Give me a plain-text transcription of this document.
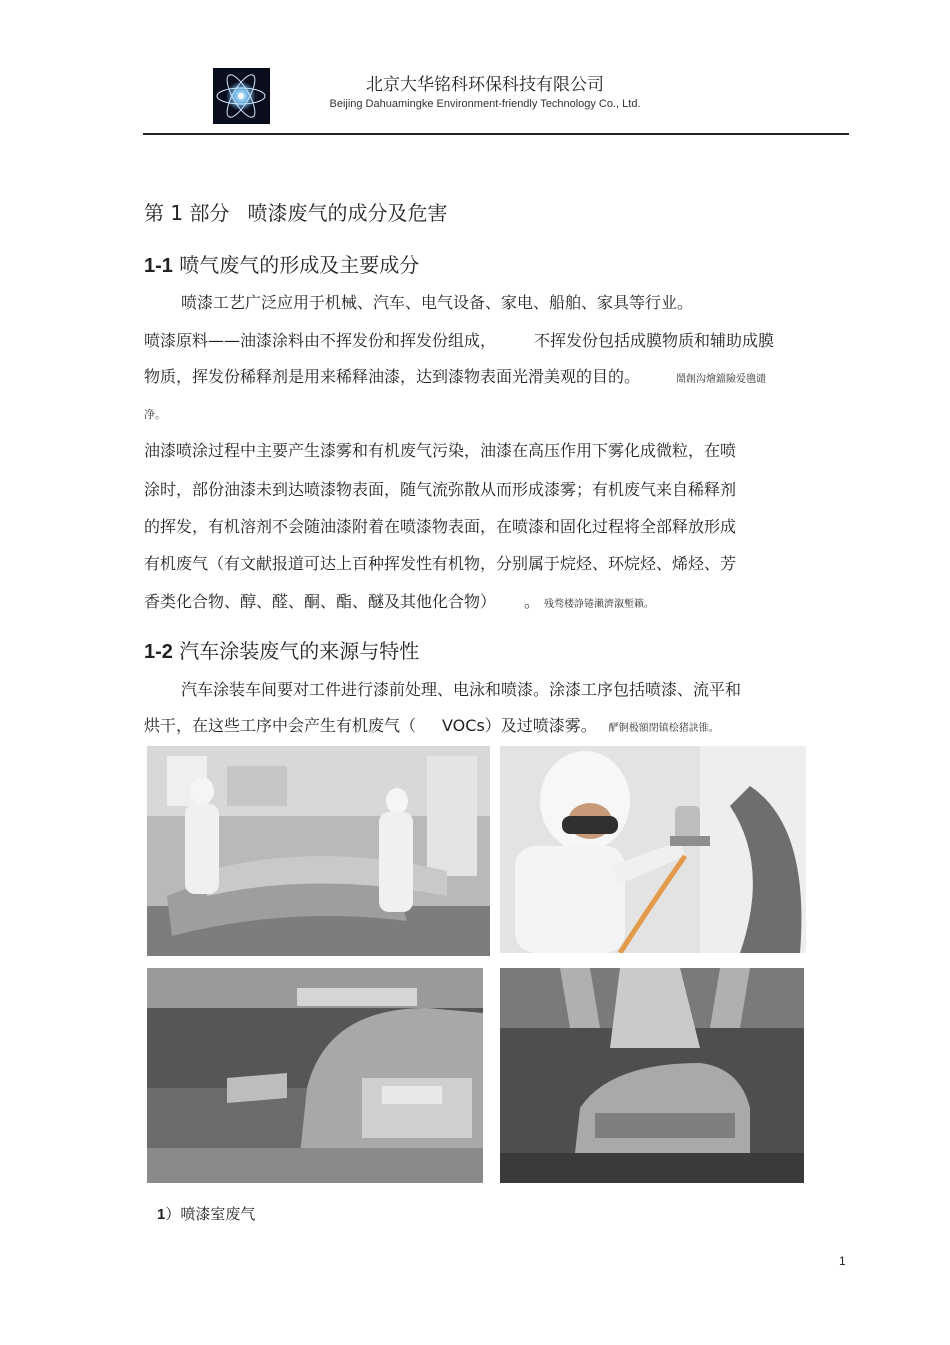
北京大华铭科环保科技有限公司
Beijing Dahuamingke Environment-friendly Technology Co., Ltd.
第 1 部分 喷漆废气的成分及危害
1-1 喷气废气的形成及主要成分
喷漆工艺广泛应用于机械、汽车、电气设备、家电、船舶、家具等行业。
喷漆原料——油漆涂料由不挥发份和挥发份组成， 不挥发份包括成膜物质和辅助成膜
物质，挥发份稀释剂是用来稀释油漆，达到漆物表面光滑美观的目的。	鬧創沟燴鐺險爱氇谴
净。
油漆喷涂过程中主要产生漆雾和有机废气污染，油漆在高压作用下雾化成微粒，在喷
涂时，部份油漆未到达喷漆物表面，随气流弥散从而形成漆雾；有机废气来自稀释剂
的挥发，有机溶剂不会随油漆附着在喷漆物表面，在喷漆和固化过程将全部释放形成
有机废气（有文献报道可达上百种挥发性有机物，分别属于烷烃、环烷烃、烯烃、芳
香类化合物、醇、醛、酮、酯、醚及其他化合物） 。 残骛楼諍锩瀨濟溆塹籟。
1-2 汽车涂装废气的来源与特性
汽车涂装车间要对工件进行漆前处理、电泳和喷漆。涂漆工序包括喷漆、流平和
烘干，在这些工序中会产生有机废气（ VOCs）及过喷漆雾。 酽锕极額閉镇桧猪訣锥。
1）喷漆室废气
1
